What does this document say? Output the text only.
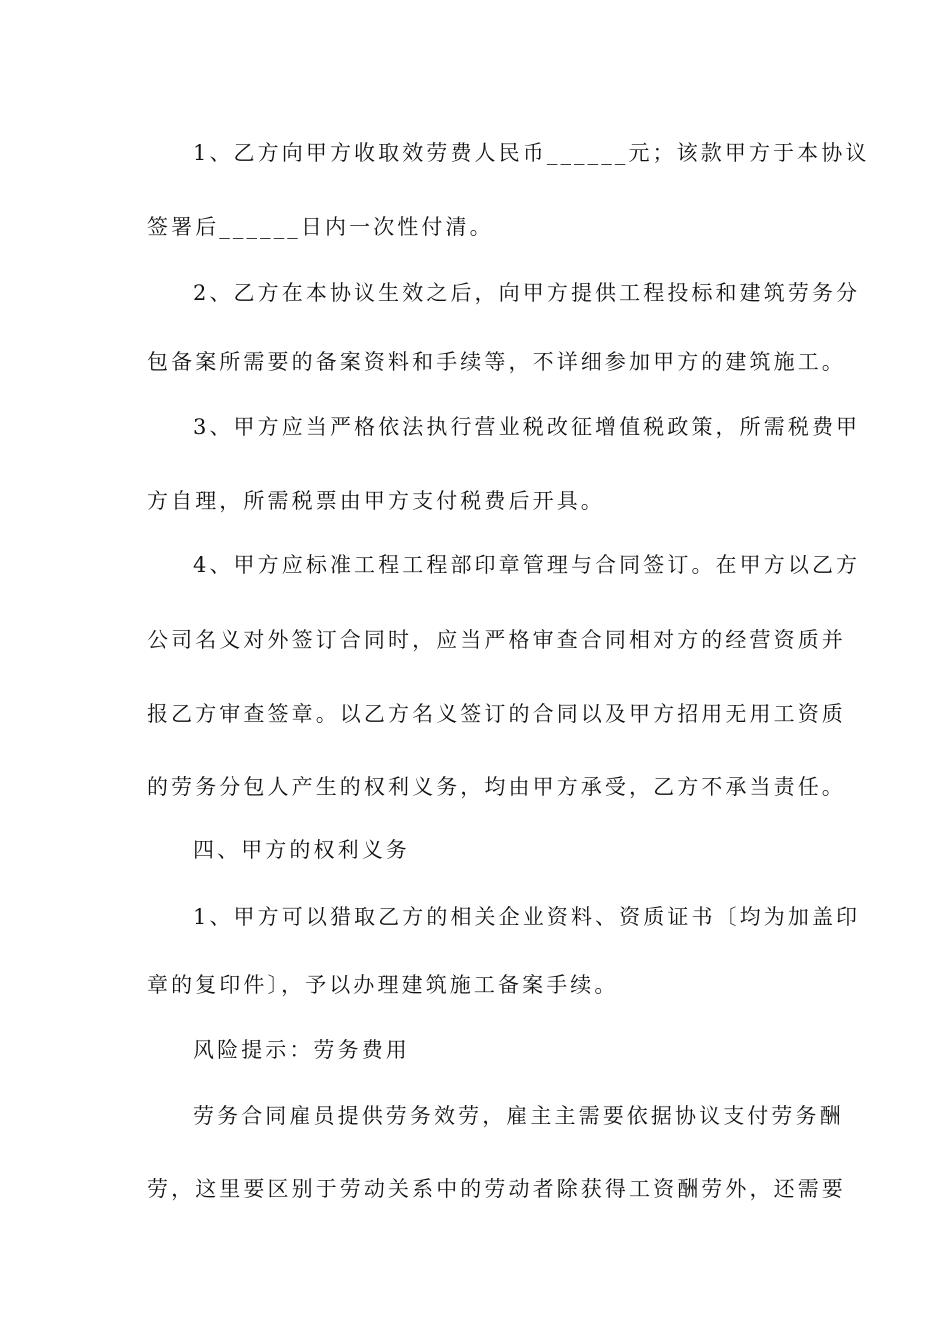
1、乙方向甲方收取效劳费人民币______元；该款甲方于本协议
签署后______日内一次性付清。
2、乙方在本协议生效之后，向甲方提供工程投标和建筑劳务分
包备案所需要的备案资料和手续等，不详细参加甲方的建筑施工。
3、甲方应当严格依法执行营业税改征增值税政策，所需税费甲
方自理，所需税票由甲方支付税费后开具。
4、甲方应标准工程工程部印章管理与合同签订。在甲方以乙方
公司名义对外签订合同时，应当严格审查合同相对方的经营资质并
报乙方审查签章。以乙方名义签订的合同以及甲方招用无用工资质
的劳务分包人产生的权利义务，均由甲方承受，乙方不承当责任。
四、甲方的权利义务
1、甲方可以猎取乙方的相关企业资料、资质证书〔均为加盖印
章的复印件〕，予以办理建筑施工备案手续。
风险提示：劳务费用
劳务合同雇员提供劳务效劳，雇主主需要依据协议支付劳务酬
劳，这里要区别于劳动关系中的劳动者除获得工资酬劳外，还需要
